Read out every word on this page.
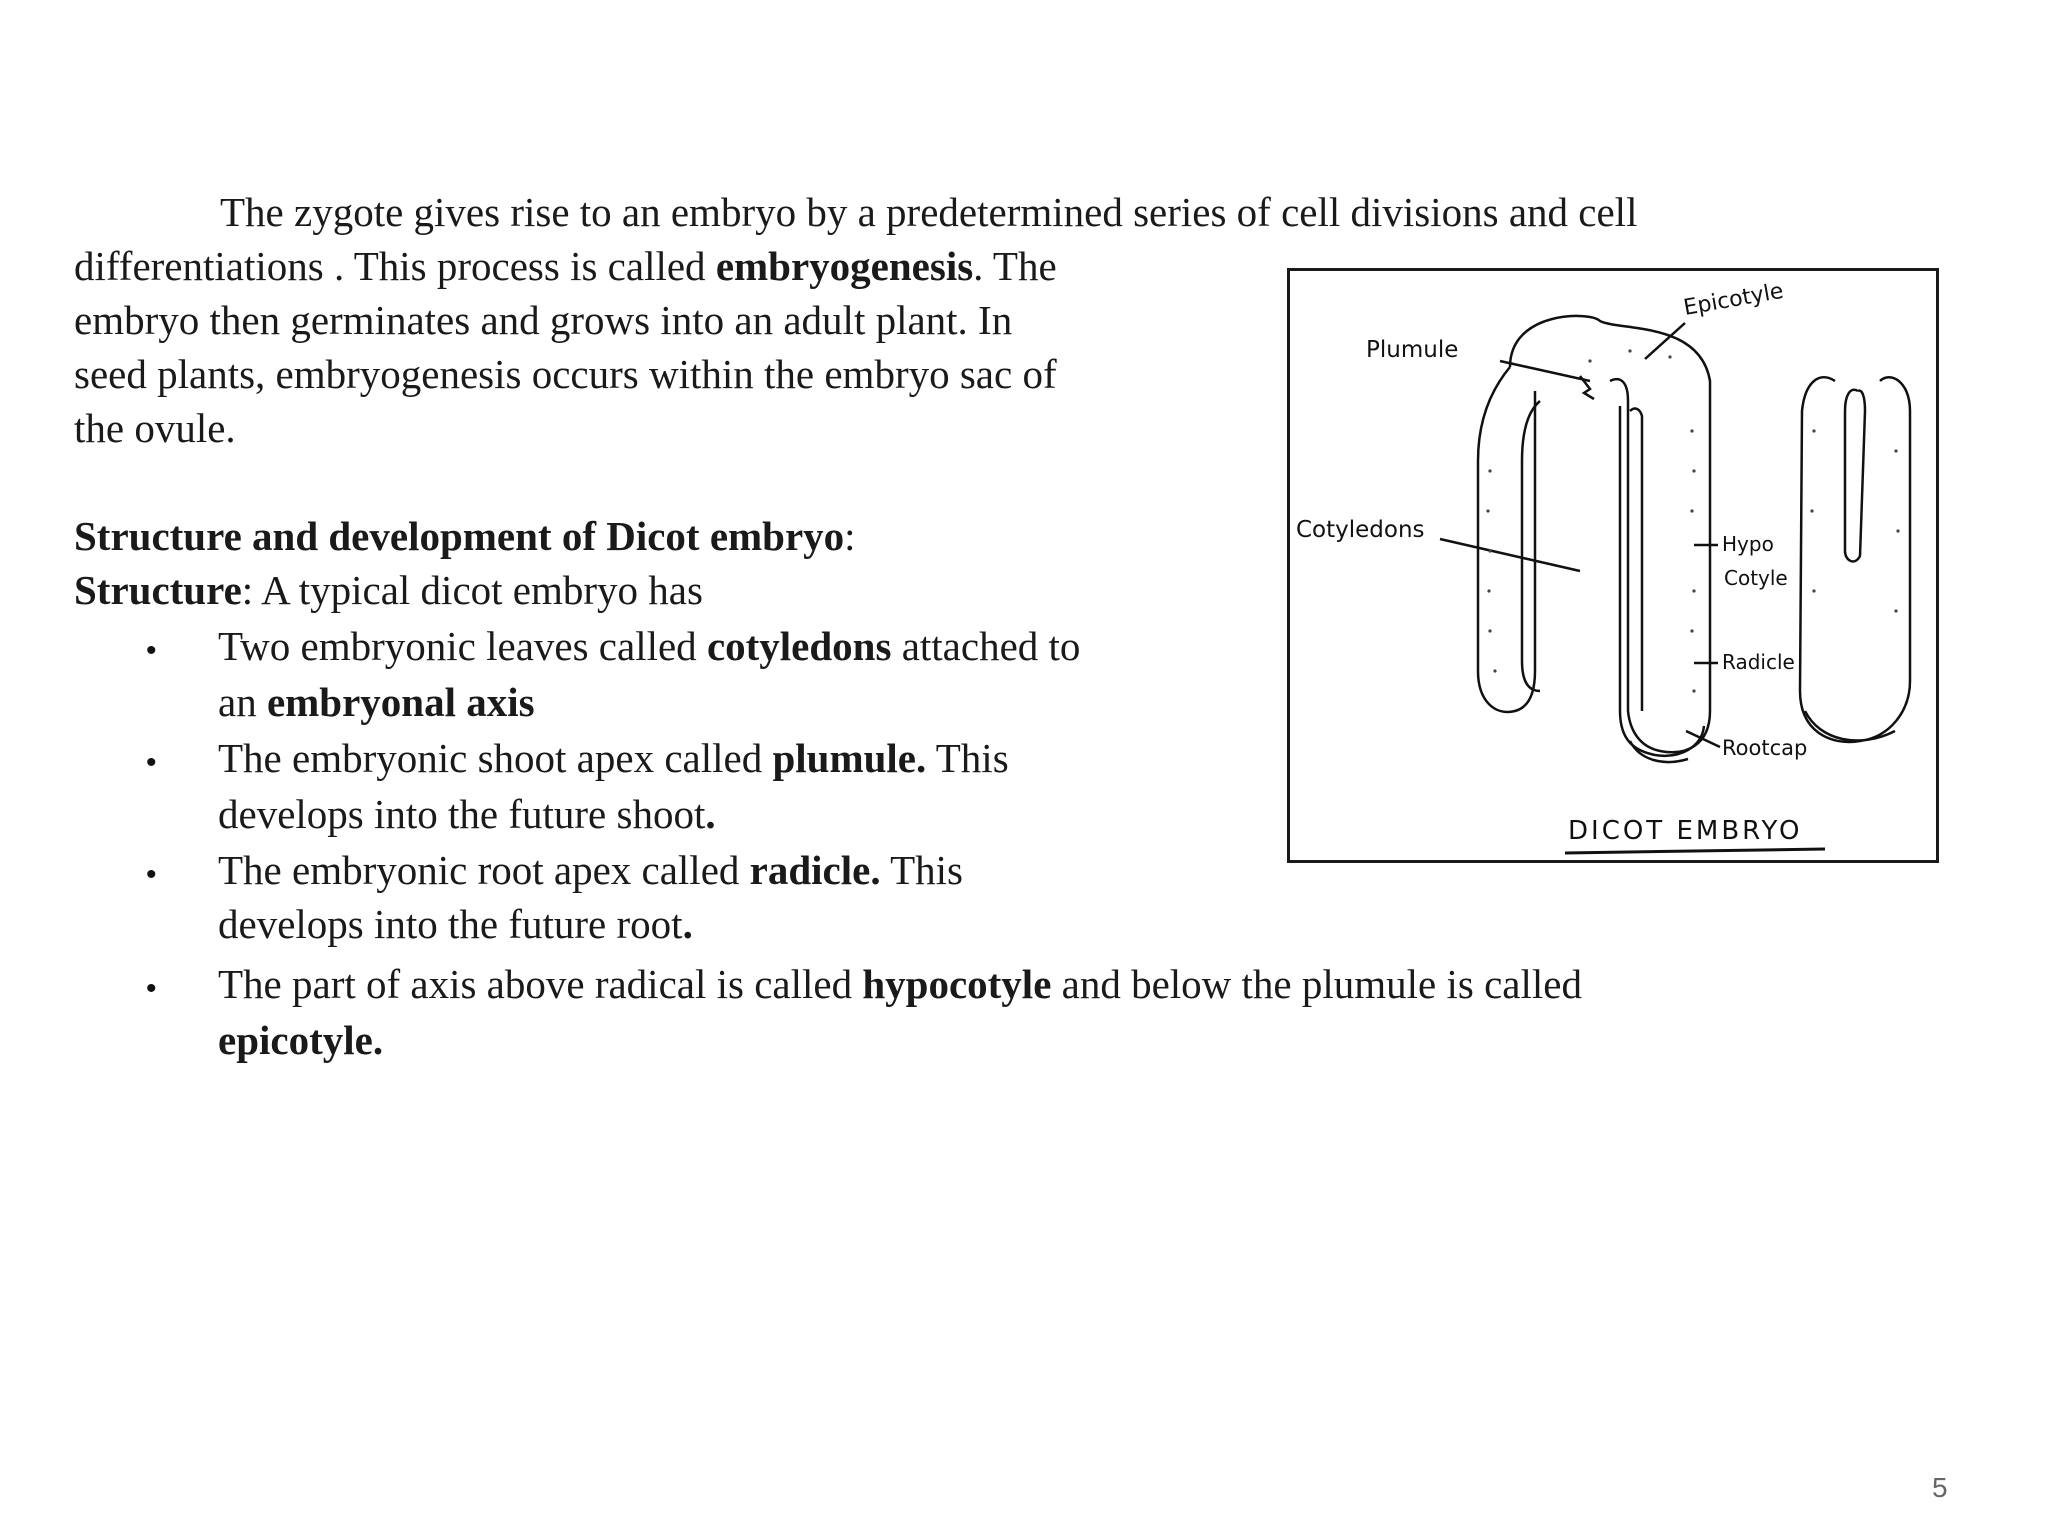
The zygote gives rise to an embryo by a predetermined series of cell divisions and cell
differentiations . This process is called embryogenesis. The
embryo then germinates and grows into an adult plant. In
seed plants, embryogenesis occurs within the embryo sac of
the ovule.
Structure and development of Dicot embryo:
Structure: A typical dicot embryo has
• Two embryonic leaves called cotyledons attached to
an embryonal axis
• The embryonic shoot apex called plumule. This
develops into the future shoot.
• The embryonic root apex called radicle. This
develops into the future root.
• The part of axis above radical is called hypocotyle and below the plumule is called
epicotyle.
Epicotyle
Plumule
Cotyledons
Hypo
Cotyle
Radicle
Rootcap
DICOT EMBRYO
5
